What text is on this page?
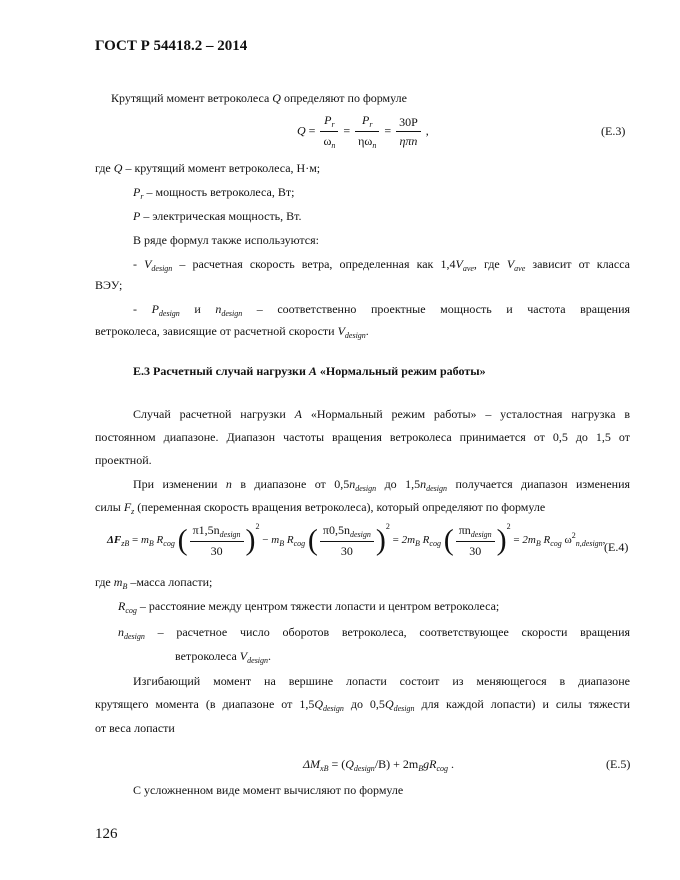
ГОСТ Р 54418.2 – 2014
Крутящий момент ветроколеса Q определяют по формуле
$Q = \frac{P_r}{\omega_n} = \frac{P_r}{\eta\omega_n} = \frac{30P}{\text{ηπn}}$ ,	(Е.3)
где Q – крутящий момент ветроколеса, Н·м;
$P_r$ – мощность ветроколеса, Вт;
P – электрическая мощность, Вт.
В ряде формул также используются:
- $V_{design}$ – расчетная скорость ветра, определенная как $1,4V_{ave}$, где $V_{ave}$ зависит от класса
ВЭУ;
- $P_{design}$ и $n_{design}$ – соответственно проектные мощность и частота вращения
ветроколеса, зависящие от расчетной скорости $V_{design}$.
Е.3 Расчетный случай нагрузки A «Нормальный режим работы»
Случай расчетной нагрузки A «Нормальный режим работы» – усталостная нагрузка в
постоянном диапазоне. Диапазон частоты вращения ветроколеса принимается от 0,5 до 1,5 от
проектной.
При изменении n в диапазоне от $0,5n_{design}$ до $1,5n_{design}$ получается диапазон изменения
силы $F_z$ (переменная скорость вращения ветроколеса), который определяют по формуле
$\Delta F_{zB} = m_B$ $R_{cog}$ ( $\frac{\pi 1,5n_{design}}{30} )^2 - m_B$ $R_{cog}$ ( $\frac{\pi 0,5n_{design}}{30} )^2 = 2m_B$ $R_{cog}$ ( $\frac{\pi n_{design}}{30} )^2 = 2m_B$ $R_{cog}$ $\omega^2_{n,design}$,
(Е.4)
где $m_B$ –масса лопасти;
$R_{cog}$ – расстояние между центром тяжести лопасти и центром ветроколеса;
$n_{design}$ – расчетное число оборотов ветроколеса, соответствующее скорости вращения
ветроколеса $V_{design}$.
Изгибающий момент на вершине лопасти состоит из меняющегося в диапазоне
крутящего момента (в диапазоне от $1,5Q_{design}$ до $0,5Q_{design}$ для каждой лопасти) и силы тяжести
от веса лопасти
$\Delta M_{xB} = (Q_{design}/B) + 2m_BgR_{cog}$ .	(Е.5)
С усложненном виде момент вычисляют по формуле
126
